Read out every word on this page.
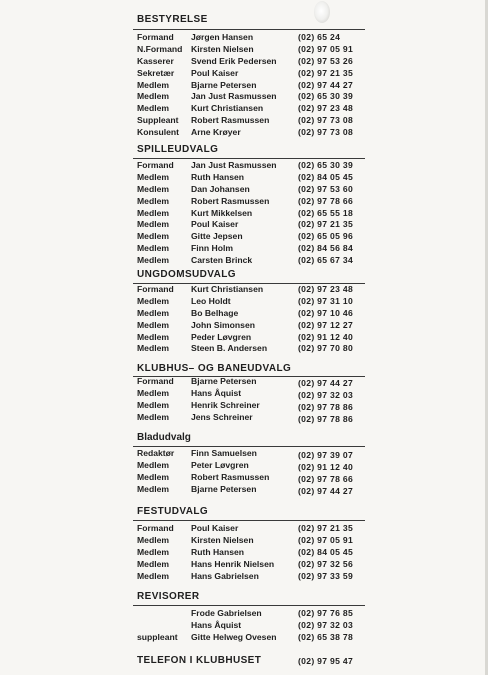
BESTYRELSE
Formand Jørgen Hansen	(02) 65 24
N.Formand Kirsten Nielsen	(02) 97 05 91
Kasserer Svend Erik Pedersen (02) 97 53 26
Sekretær Poul Kaiser	(02) 97 21 35
Medlem	Bjarne Petersen	(02) 97 44 27
Medlem	Jan Just Rasmussen	(02) 65 30 39
Medlem	Kurt Christiansen	(02) 97 23 48
Suppleant Robert Rasmussen	(02) 97 73 08
Konsulent Arne Krøyer	(02) 97 73 08
SPILLEUDVALG
Formand Jan Just Rasmussen	(02) 65 30 39
Medlem	Ruth Hansen	(02) 84 05 45
Medlem	Dan Johansen	(02) 97 53 60
Medlem	Robert Rasmussen	(02) 97 78 66
Medlem	Kurt Mikkelsen	(02) 65 55 18
Medlem	Poul Kaiser	(02) 97 21 35
Medlem	Gitte Jepsen	(02) 65 05 96
Medlem	Finn Holm	(02) 84 56 84
Medlem	Carsten Brinck	(02) 65 67 34
UNGDOMSUDVALG
Formand Kurt Christiansen	(02) 97 23 48
Medlem	Leo Holdt	(02) 97 31 10
Medlem	Bo Belhage	(02) 97 10 46
Medlem	John Simonsen	(02) 97 12 27
Medlem	Peder Løvgren	(02) 91 12 40
Medlem	Steen B. Andersen	(02) 97 70 80
KLUBHUS– OG BANEUDVALG
Formand Bjarne Petersen	(02) 97 44 27
Medlem	Hans Åquist	(02) 97 32 03
Medlem	Henrik Schreiner	(02) 97 78 86
Medlem	Jens Schreiner	(02) 97 78 86
Bladudvalg
Redaktør Finn Samuelsen	(02) 97 39 07
Medlem	Peter Løvgren	(02) 91 12 40
Medlem	Robert Rasmussen	(02) 97 78 66
Medlem	Bjarne Petersen	(02) 97 44 27
FESTUDVALG
Formand Poul Kaiser	(02) 97 21 35
Medlem	Kirsten Nielsen	(02) 97 05 91
Medlem	Ruth Hansen	(02) 84 05 45
Medlem	Hans Henrik Nielsen	(02) 97 32 56
Medlem	Hans Gabrielsen	(02) 97 33 59
REVISORER
Frode Gabrielsen	(02) 97 76 85
Hans Åquist	(02) 97 32 03
suppleant Gitte Helweg Ovesen	(02) 65 38 78
TELEFON I KLUBHUSET	(02) 97 95 47
